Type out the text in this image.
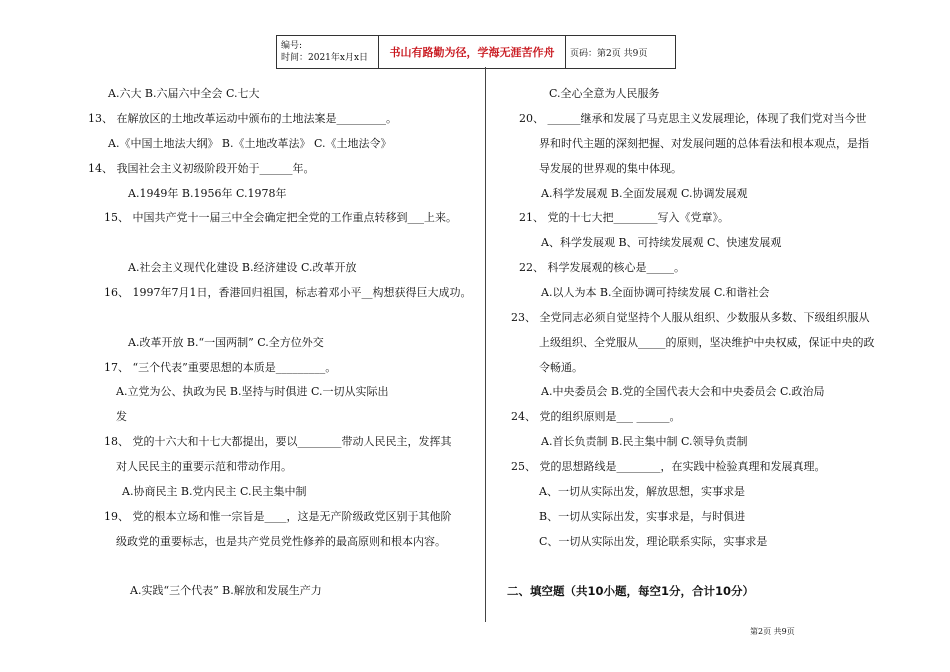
编号:
时间：2021年x月x日	书山有路勤为径，学海无涯苦作舟	页码：第2页 共9页
A.六大 B.六届六中全会 C.七大
13、 在解放区的土地改革运动中颁布的土地法案是_________。
A.《中国土地法大纲》 B.《土地改革法》 C.《土地法令》
14、 我国社会主义初级阶段开始于______年。
A.1949年 B.1956年 C.1978年
15、 中国共产党十一届三中全会确定把全党的工作重点转移到___上来。
A.社会主义现代化建设 B.经济建设 C.改革开放
16、 1997年7月1日，香港回归祖国，标志着邓小平__构想获得巨大成功。
A.改革开放 B.“一国两制” C.全方位外交
17、 “三个代表”重要思想的本质是_________。
A.立党为公、执政为民 B.坚持与时俱进 C.一切从实际出
发
18、 党的十六大和十七大都提出，要以________带动人民民主，发挥其
对人民民主的重要示范和带动作用。
A.协商民主 B.党内民主 C.民主集中制
19、 党的根本立场和惟一宗旨是____，这是无产阶级政党区别于其他阶
级政党的重要标志，也是共产党员党性修养的最高原则和根本内容。
A.实践“三个代表” B.解放和发展生产力
C.全心全意为人民服务
20、 ______继承和发展了马克思主义发展理论，体现了我们党对当今世
界和时代主题的深刻把握、对发展问题的总体看法和根本观点，是指
导发展的世界观的集中体现。
A.科学发展观 B.全面发展观 C.协调发展观
21、 党的十七大把________写入《党章》。
A、科学发展观 B、可持续发展观 C、快速发展观
22、 科学发展观的核心是_____。
A.以人为本 B.全面协调可持续发展 C.和谐社会
23、 全党同志必须自觉坚持个人服从组织、少数服从多数、下级组织服从
上级组织、全党服从_____的原则，坚决维护中央权威，保证中央的政
令畅通。
A.中央委员会 B.党的全国代表大会和中央委员会 C.政治局
24、 党的组织原则是___ ______。
A.首长负责制 B.民主集中制 C.领导负责制
25、 党的思想路线是________，在实践中检验真理和发展真理。
A、一切从实际出发，解放思想，实事求是
B、一切从实际出发，实事求是，与时俱进
C、一切从实际出发，理论联系实际，实事求是
二、填空题（共10小题，每空1分，合计10分）
第2页 共9页
